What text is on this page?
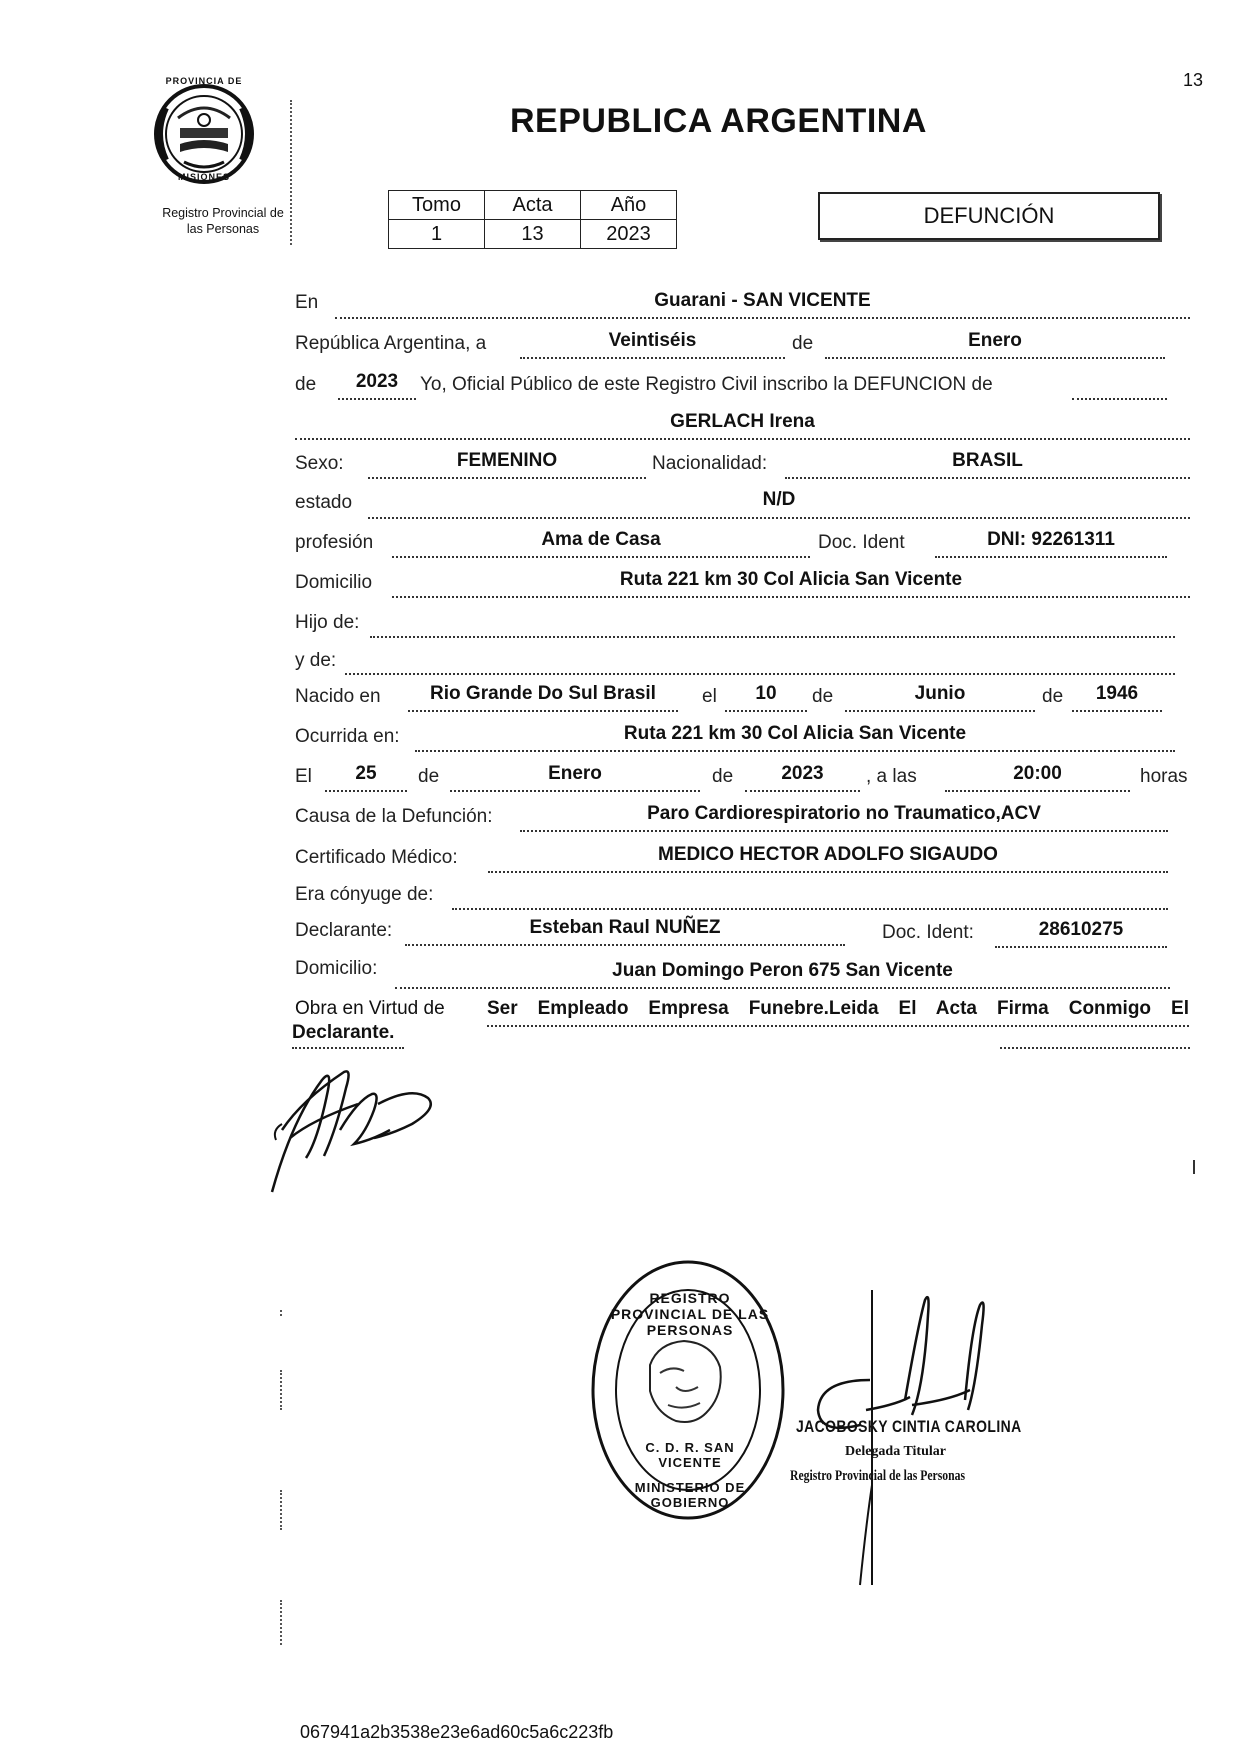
13
PROVINCIA DE
MISIONES
Registro Provincial de
las Personas
REPUBLICA ARGENTINA
Tomo	Acta	Año
1	13	2023
DEFUNCIÓN
En	Guarani - SAN VICENTE
República Argentina, a	Veintiséis	de	Enero
de	2023	Yo, Oficial Público de este Registro Civil inscribo la DEFUNCION de
GERLACH Irena
Sexo:	FEMENINO	Nacionalidad:	BRASIL
estado	N/D
profesión	Ama de Casa	Doc. Ident	DNI: 92261311
Domicilio	Ruta 221 km 30 Col Alicia San Vicente
Hijo de:
y de:
Nacido en	Rio Grande Do Sul Brasil	el	10	de	Junio	de	1946
Ocurrida en:	Ruta 221 km 30 Col Alicia San Vicente
El	25	de	Enero	de	2023	, a las	20:00	horas
Causa de la Defunción:	Paro Cardiorespiratorio no Traumatico,ACV
Certificado Médico:	MEDICO HECTOR ADOLFO SIGAUDO
Era cónyuge de:
Declarante:	Esteban Raul NUÑEZ	Doc. Ident:	28610275
Domicilio:	Juan Domingo Peron 675 San Vicente
Obra en Virtud de Ser Empleado Empresa Funebre.Leida El Acta Firma Conmigo El
Declarante.
REGISTRO PROVINCIAL DE LAS PERSONAS
C. D. R. SAN VICENTE
MINISTERIO DE GOBIERNO
JACOBOSKY CINTIA CAROLINA
Delegada Titular
Registro Provincial de las Personas
067941a2b3538e23e6ad60c5a6c223fb
